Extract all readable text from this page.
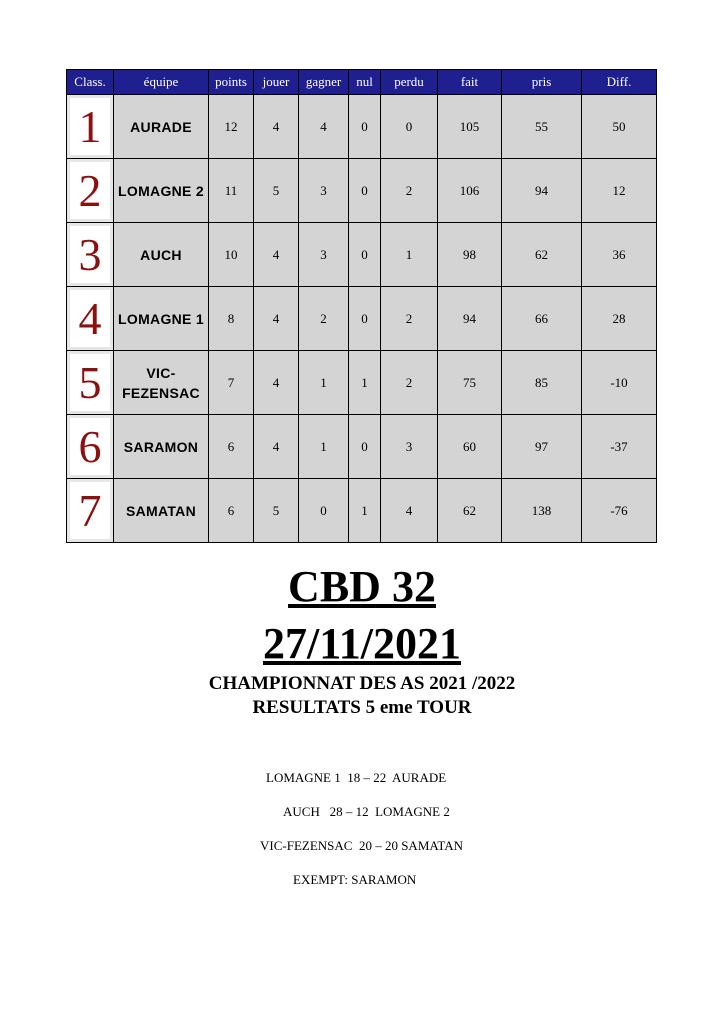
Class.	équipe	points	jouer	gagner	nul	perdu	fait	pris	Diff.

1	AURADE	12	4	4	0	0	105	55	50

2	LOMAGNE 2	11	5	3	0	2	106	94	12

3	AUCH	10	4	3	0	1	98	62	36

4	LOMAGNE 1	8	4	2	0	2	94	66	28

5	VIC-FEZENSAC	7	4	1	1	2	75	85	-10

6	SARAMON	6	4	1	0	3	60	97	-37

7	SAMATAN	6	5	0	1	4	62	138	-76
CBD 32
27/11/2021
CHAMPIONNAT DES AS 2021 /2022
RESULTATS 5 eme TOUR
LOMAGNE 1  18 – 22  AURADE
AUCH   28 – 12  LOMAGNE 2
VIC-FEZENSAC  20 – 20 SAMATAN
EXEMPT: SARAMON
